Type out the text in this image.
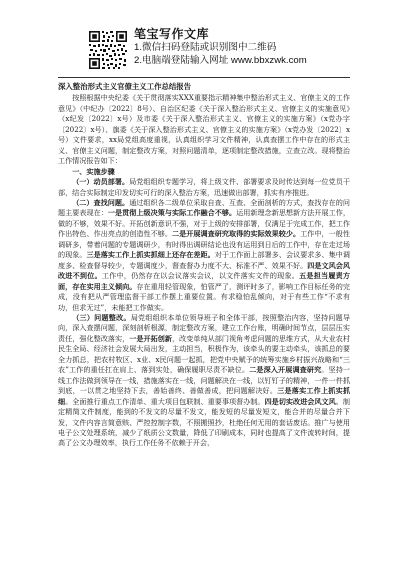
笔宝写作文库
1.微信扫码登陆或识别图中二维码
2.电脑端登陆输入网址 www.bbxzwk.com
深入整治形式主义官僚主义工作总结报告

按照根据中央纪委《关于贯彻落实XXX重要指示精神集中整治形式主义、官僚主义的工作意见》（中纪办〔2022〕8号）、自治区纪委《关于深入整治形式主义、官僚主义的实施意见》（x纪发〔2022〕x号）及市委《关于深入整治形式主义、官僚主义的实施方案》（x党办字〔2022〕x号）、旗委《关于深入整治形式主义、官僚主义的实施方案》（x党办发〔2022〕x号）文件要求，xx局党组高度重视，认真组织学习文件精神，认真查摆工作中存在的形式主义、官僚主义问题，制定整改方案，对照问题清单，逐项制定整改措施，立查立改。现将整治工作情况报告如下：

一、实施步骤

（一）动员部署。局党组组织专题学习，将上级文件、部署要求及时传达到每一位党员干部，结合实际制定印发切实可行的深入整治方案，迅速做出部署，抓实有序推进。

（二）查找问题。通过组织各二级单位采取自查、互查、全面剖析的方式，查找存在的问题主要表现在：一是贯彻上级决策与实际工作融合不够。运用新理念新思想新方法开展工作，做的不够，效果不好。开拓创新意识不强，对于上级的安排部署，仅满足于完成工作，把工作作出特色、作出亮点的创造性不够。二是开展调查研究取得的实际效果较少。工作中，一般性调研多，带着问题的专题调研少，有时得出调研结论也没有运用到日后的工作中，存在走过场的现象。三是落实工作上抓实抓细上还存在差距。对于工作面上部署多、会议要求多、集中调度多、检查督导较少，专题调度少，督查督办力度不大、标准不严、效果不好。四是文风会风改进不到位。工作中，仍然存在以会议落实会议，以文件落实文件的现象。五是担当履责方面，存在实用主义倾向。存在重用轻管现象，怕管严了，测评时多了，影响工作目标任务的完成，没有把从严管理监督干部工作摆上重要位置。有求稳怕乱倾向，对于有些工作“不求有功，但求无过”，未能把工作做实。

（三）问题整改。局党组组织本单位领导班子和全体干部，按照整治内容，坚持问题导向，深入查摆问题，深刻剖析根源，制定整改方案，建立工作台账，明确时间节点，层层压实责任，强化整改落实，一是开拓创新，改变单纯从部门视角考虑问题的思维方式，从大业农村民生全局、经济社会发展大局出发，主动担当，积极作为，该牵头的要主动牵头，该抓总的要全力抓总，把农村牧区、x业、x民问题一起抓，把党中央赋予的统筹实施乡村振兴战略和“三农”工作的重任扛在肩上、落到实处，确保履职尽责不缺位。二是深入开展调查研究。坚持一线工作法做到领导在一线，措施落实在一线，问题解决在一线，以钉钉子的精神，一件一件抓到底，一以贯之地坚持下去，善始善终、善做善成，把问题解决好。三是落实工作上抓实抓细。全面推行重点工作清单、重大项目包联制、重要事项督办制。四是切实改进会风文风。制定精简文件制度，能到的不发文的尽量不发文，能发短的尽量发短文，能合并的尽量合并下发，文件内容言简意赅、严控控制字数，不照搬照抄，杜绝任何无用的套话废话。推广与使用电子公文处理系统，减少了纸质公文数量，降低了印刷成本，同时也提高了文件流转时间，提高了公文办理效率，执行工作任务不依赖于开会，
